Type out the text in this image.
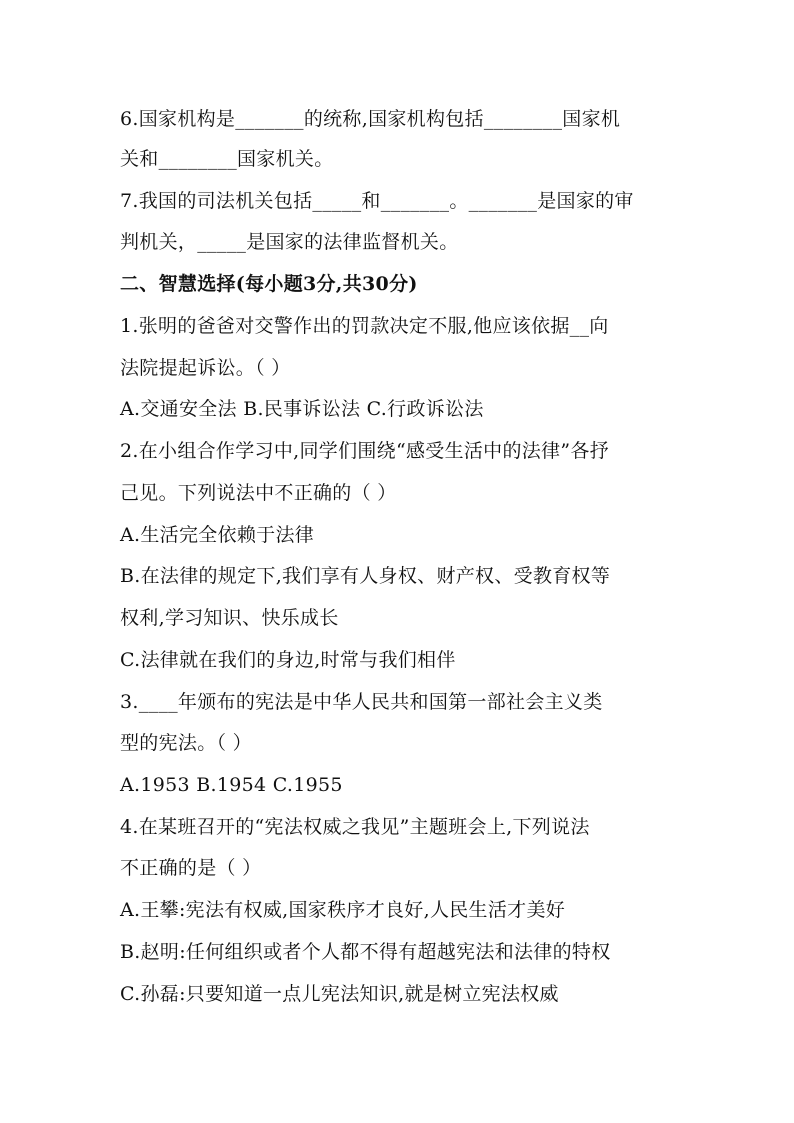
6.国家机构是_______的统称,国家机构包括________国家机
关和________国家机关。
7.我国的司法机关包括_____和_______。_______是国家的审
判机关，_____是国家的法律监督机关。
二、智慧选择(每小题3分,共30分)
1.张明的爸爸对交警作出的罚款决定不服,他应该依据__向
法院提起诉讼。（ ）
A.交通安全法 B.民事诉讼法 C.行政诉讼法
2.在小组合作学习中,同学们围绕“感受生活中的法律”各抒
己见。下列说法中不正确的（ ）
A.生活完全依赖于法律
B.在法律的规定下,我们享有人身权、财产权、受教育权等
权利,学习知识、快乐成长
C.法律就在我们的身边,时常与我们相伴
3.____年颁布的宪法是中华人民共和国第一部社会主义类
型的宪法。（ ）
A.1953 B.1954 C.1955
4.在某班召开的“宪法权威之我见”主题班会上,下列说法
不正确的是（ ）
A.王攀:宪法有权威,国家秩序才良好,人民生活才美好
B.赵明:任何组织或者个人都不得有超越宪法和法律的特权
C.孙磊:只要知道一点儿宪法知识,就是树立宪法权威
